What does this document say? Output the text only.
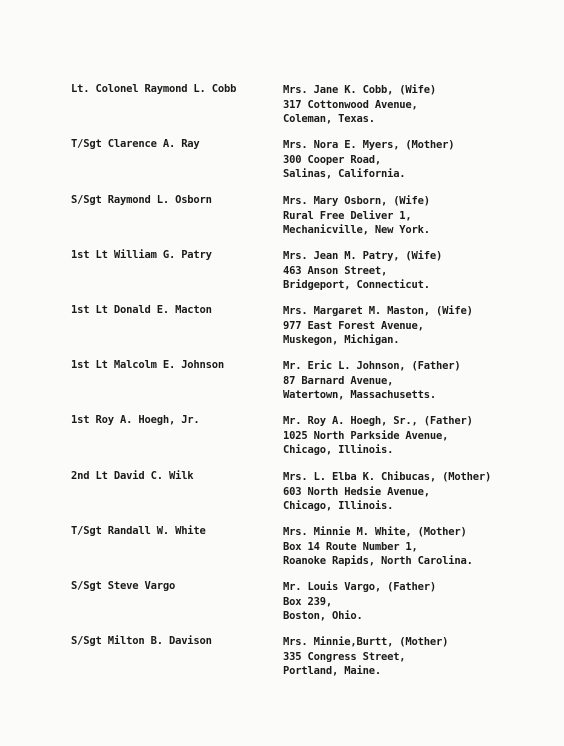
Lt. Colonel Raymond L. Cobb	Mrs. Jane K. Cobb, (Wife)
317 Cottonwood Avenue,
Coleman, Texas.
T/Sgt Clarence A. Ray	Mrs. Nora E. Myers, (Mother)
300 Cooper Road,
Salinas, California.
S/Sgt Raymond L. Osborn	Mrs. Mary Osborn, (Wife)
Rural Free Deliver 1,
Mechanicville, New York.
1st Lt William G. Patry	Mrs. Jean M. Patry, (Wife)
463 Anson Street,
Bridgeport, Connecticut.
1st Lt Donald E. Macton	Mrs. Margaret M. Maston, (Wife)
977 East Forest Avenue,
Muskegon, Michigan.
1st Lt Malcolm E. Johnson	Mr. Eric L. Johnson, (Father)
87 Barnard Avenue,
Watertown, Massachusetts.
1st Roy A. Hoegh, Jr.	Mr. Roy A. Hoegh, Sr., (Father)
1025 North Parkside Avenue,
Chicago, Illinois.
2nd Lt David C. Wilk	Mrs. L. Elba K. Chibucas, (Mother)
603 North Hedsie Avenue,
Chicago, Illinois.
T/Sgt Randall W. White	Mrs. Minnie M. White, (Mother)
Box 14 Route Number 1,
Roanoke Rapids, North Carolina.
S/Sgt Steve Vargo	Mr. Louis Vargo, (Father)
Box 239,
Boston, Ohio.
S/Sgt Milton B. Davison	Mrs. Minnie,Burtt, (Mother)
335 Congress Street,
Portland, Maine.
